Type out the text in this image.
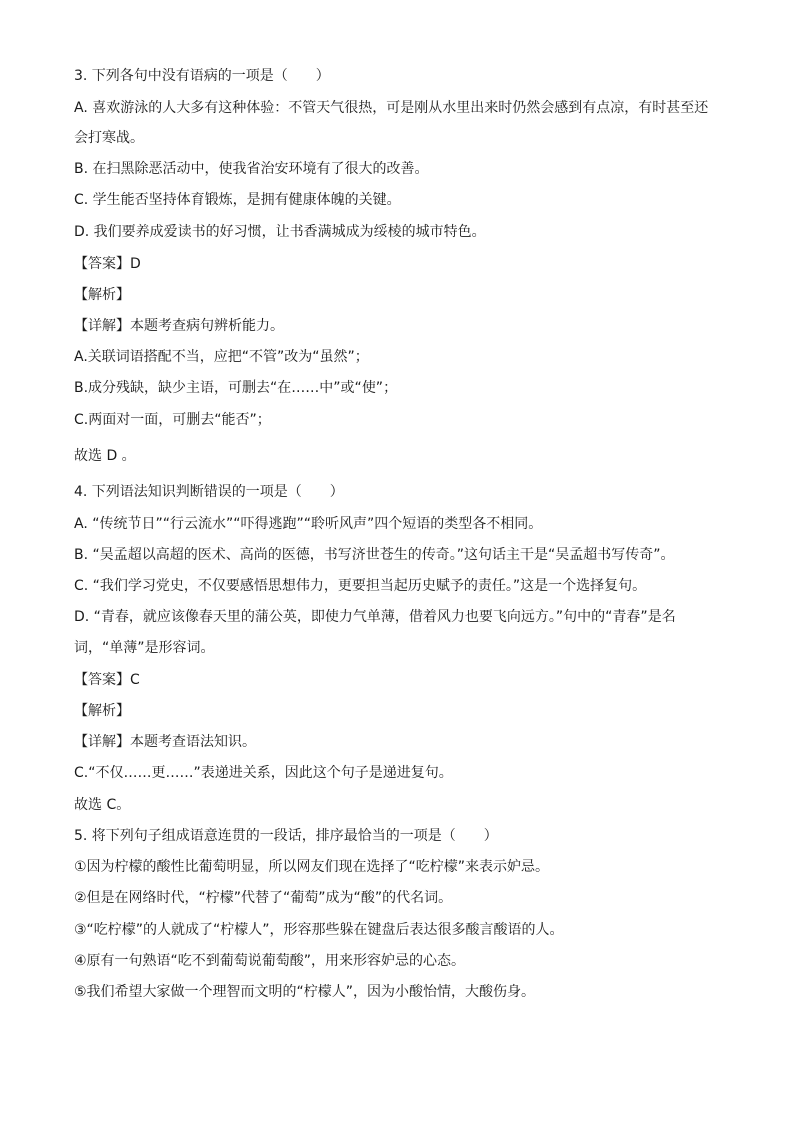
3. 下列各句中没有语病的一项是（　　）
A. 喜欢游泳的人大多有这种体验：不管天气很热，可是刚从水里出来时仍然会感到有点凉，有时甚至还
会打寒战。
B. 在扫黑除恶活动中，使我省治安环境有了很大的改善。
C. 学生能否坚持体育锻炼，是拥有健康体魄的关键。
D. 我们要养成爱读书的好习惯，让书香满城成为绥棱的城市特色。
【答案】D
【解析】
【详解】本题考查病句辨析能力。
A.关联词语搭配不当，应把“不管”改为“虽然”；
B.成分残缺，缺少主语，可删去“在……中”或“使”；
C.两面对一面，可删去“能否”；
故选 D 。
4. 下列语法知识判断错误的一项是（　　）
A. “传统节日”“行云流水”“吓得逃跑”“聆听风声”四个短语的类型各不相同。
B. “吴孟超以高超的医术、高尚的医德，书写济世苍生的传奇。”这句话主干是“吴孟超书写传奇”。
C. “我们学习党史，不仅要感悟思想伟力，更要担当起历史赋予的责任。”这是一个选择复句。
D. “青春，就应该像春天里的蒲公英，即使力气单薄，借着风力也要飞向远方。”句中的“青春”是名
词，“单薄”是形容词。
【答案】C
【解析】
【详解】本题考查语法知识。
C.“不仅……更……”表递进关系，因此这个句子是递进复句。
故选 C。
5. 将下列句子组成语意连贯的一段话，排序最恰当的一项是（　　）
①因为柠檬的酸性比葡萄明显，所以网友们现在选择了“吃柠檬”来表示妒忌。
②但是在网络时代，“柠檬”代替了“葡萄”成为“酸”的代名词。
③“吃柠檬”的人就成了“柠檬人”，形容那些躲在键盘后表达很多酸言酸语的人。
④原有一句熟语“吃不到葡萄说葡萄酸”，用来形容妒忌的心态。
⑤我们希望大家做一个理智而文明的“柠檬人”，因为小酸怡情，大酸伤身。
